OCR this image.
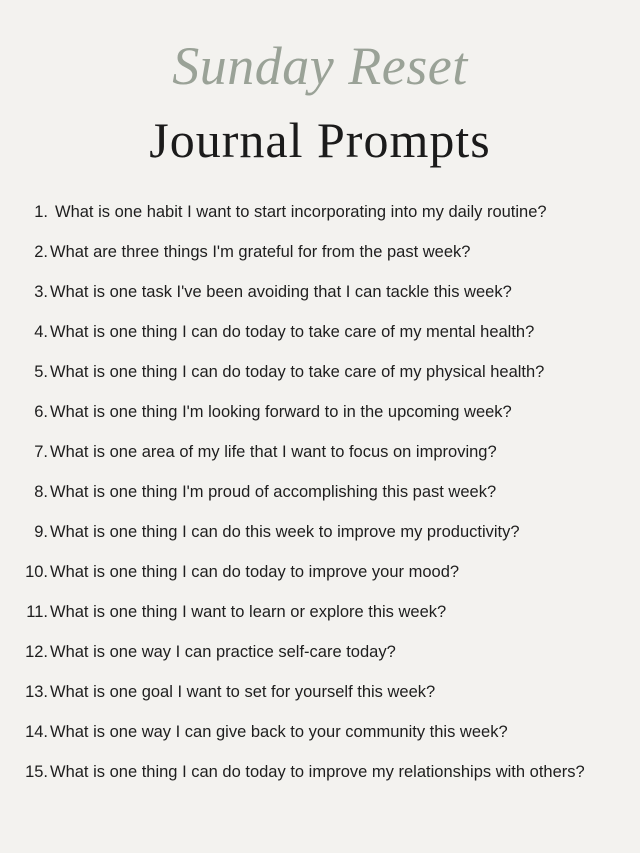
Sunday Reset
Journal Prompts
1. What is one habit I want to start incorporating into my daily routine?
2. What are three things I'm grateful for from the past week?
3. What is one task I've been avoiding that I can tackle this week?
4. What is one thing I can do today to take care of my mental health?
5. What is one thing I can do today to take care of my physical health?
6. What is one thing I'm looking forward to in the upcoming week?
7. What is one area of my life that I want to focus on improving?
8. What is one thing I'm proud of accomplishing this past week?
9. What is one thing I can do this week to improve my productivity?
10. What is one thing I can do today to improve your mood?
11. What is one thing I want to learn or explore this week?
12. What is one way I can practice self-care today?
13. What is one goal I want to set for yourself this week?
14. What is one way I can give back to your community this week?
15. What is one thing I can do today to improve my relationships with others?
